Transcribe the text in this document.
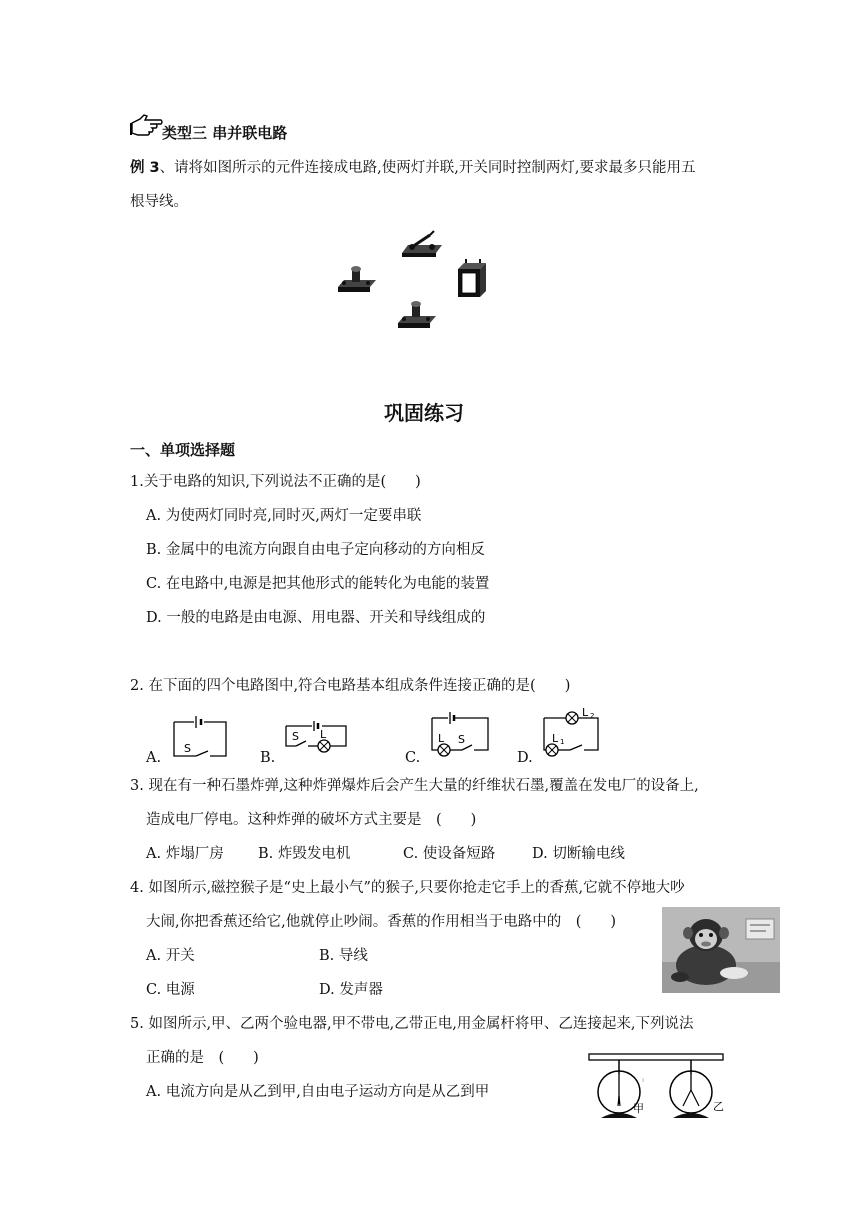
类型三 串并联电路
例 3、请将如图所示的元件连接成电路,使两灯并联,开关同时控制两灯,要求最多只能用五
根导线。
巩固练习
一、单项选择题
1.关于电路的知识,下列说法不正确的是(　　)
A. 为使两灯同时亮,同时灭,两灯一定要串联
B. 金属中的电流方向跟自由电子定向移动的方向相反
C. 在电路中,电源是把其他形式的能转化为电能的装置
D. 一般的电路是由电源、用电器、开关和导线组成的
2. 在下面的四个电路图中,符合电路基本组成条件连接正确的是(　　)
A.
S
B.
S L
C.
L S
D.
L 1
L 2
3. 现在有一种石墨炸弹,这种炸弹爆炸后会产生大量的纤维状石墨,覆盖在发电厂的设备上,
造成电厂停电。这种炸弹的破坏方式主要是　(　　)
A. 炸塌厂房 B. 炸毁发电机	C. 使设备短路	D. 切断输电线
4. 如图所示,磁控猴子是“史上最小气”的猴子,只要你抢走它手上的香蕉,它就不停地大吵
大闹,你把香蕉还给它,他就停止吵闹。香蕉的作用相当于电路中的　(　　)
A. 开关	B. 导线
C. 电源	D. 发声器
5. 如图所示,甲、乙两个验电器,甲不带电,乙带正电,用金属杆将甲、乙连接起来,下列说法
正确的是　(　　)
A. 电流方向是从乙到甲,自由电子运动方向是从乙到甲
甲	乙
